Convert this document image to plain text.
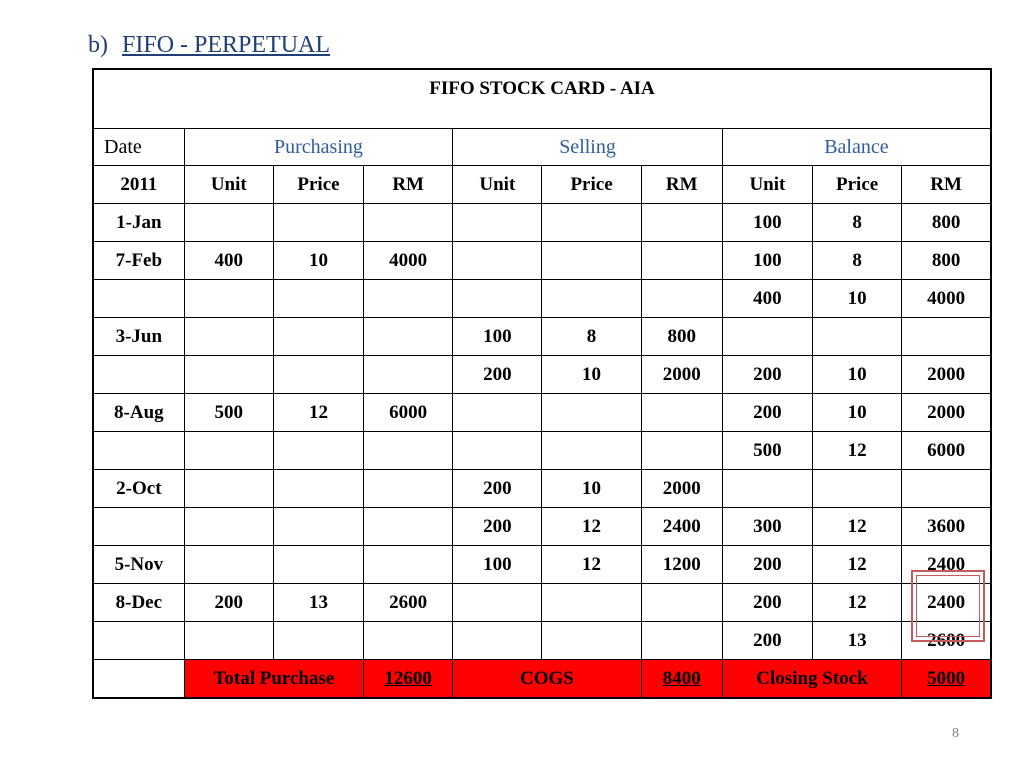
b) FIFO - PERPETUAL
FIFO STOCK CARD - AIA									
Date	Purchasing			Selling			Balance		
2011	Unit	Price	RM	Unit	Price	RM	Unit	Price	RM
1-Jan							100	8	800
7-Feb	400	10	4000				100	8	800
							400	10	4000
3-Jun				100	8	800			
				200	10	2000	200	10	2000
8-Aug	500	12	6000				200	10	2000
							500	12	6000
2-Oct				200	10	2000			
				200	12	2400	300	12	3600
5-Nov				100	12	1200	200	12	2400
8-Dec	200	13	2600				200	12	2400
							200	13	2600
	Total Purchase		12600	COGS		8400	Closing Stock		5000
8
